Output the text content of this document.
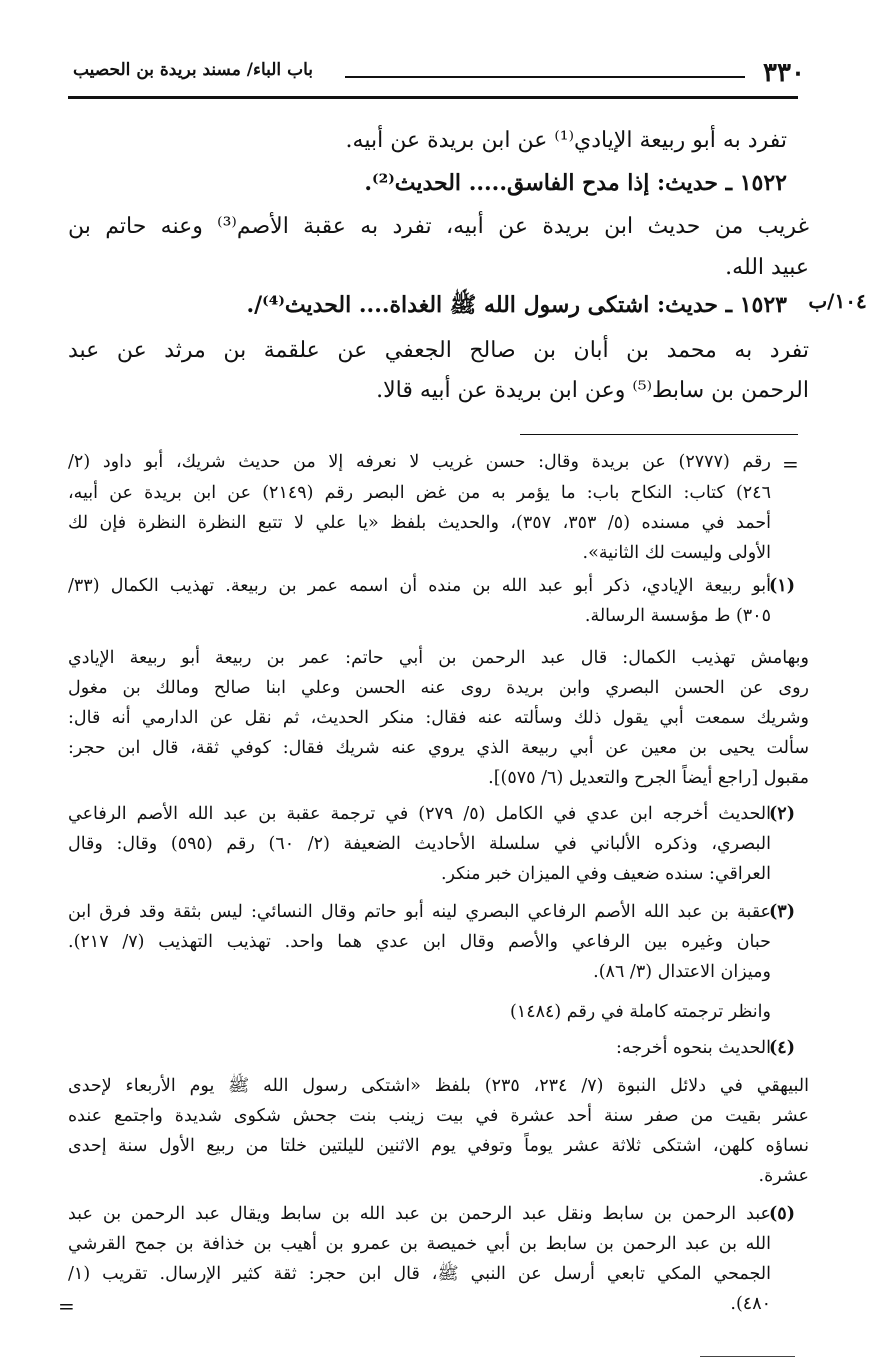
٣٣٠
باب الباء/ مسند بريدة بن الحصيب
تفرد به أبو ربيعة الإيادي⁽¹⁾ عن ابن بريدة عن أبيه.
١٥٢٢ ـ حديث: إذا مدح الفاسق..... الحديث⁽²⁾.
غريب من حديث ابن بريدة عن أبيه، تفرد به عقبة الأصم⁽³⁾ وعنه حاتم بن
عبيد الله.
١٠٤/ب
١٥٢٣ ـ حديث: اشتكى رسول الله ﷺ الغداة.... الحديث⁽⁴⁾/.
تفرد به محمد بن أبان بن صالح الجعفي عن علقمة بن مرثد عن عبد
الرحمن بن سابط⁽⁵⁾ وعن ابن بريدة عن أبيه قالا.
=
رقم (٢٧٧٧) عن بريدة وقال: حسن غريب لا نعرفه إلا من حديث شريك، أبو داود (٢/
٢٤٦) كتاب: النكاح باب: ما يؤمر به من غض البصر رقم (٢١٤٩) عن ابن بريدة عن أبيه،
أحمد في مسنده (٥/ ٣٥٣، ٣٥٧)، والحديث بلفظ «يا علي لا تتبع النظرة النظرة فإن لك
الأولى وليست لك الثانية».
(١)
أبو ربيعة الإيادي، ذكر أبو عبد الله بن منده أن اسمه عمر بن ربيعة. تهذيب الكمال (٣٣/
٣٠٥) ط مؤسسة الرسالة.
وبهامش تهذيب الكمال: قال عبد الرحمن بن أبي حاتم: عمر بن ربيعة أبو ربيعة الإيادي
روى عن الحسن البصري وابن بريدة روى عنه الحسن وعلي ابنا صالح ومالك بن مغول
وشريك سمعت أبي يقول ذلك وسألته عنه فقال: منكر الحديث، ثم نقل عن الدارمي أنه قال:
سألت يحيى بن معين عن أبي ربيعة الذي يروي عنه شريك فقال: كوفي ثقة، قال ابن حجر:
مقبول [راجع أيضاً الجرح والتعديل (٦/ ٥٧٥)].
(٢)
الحديث أخرجه ابن عدي في الكامل (٥/ ٢٧٩) في ترجمة عقبة بن عبد الله الأصم الرفاعي
البصري، وذكره الألباني في سلسلة الأحاديث الضعيفة (٢/ ٦٠) رقم (٥٩٥) وقال: وقال
العراقي: سنده ضعيف وفي الميزان خبر منكر.
(٣)
عقبة بن عبد الله الأصم الرفاعي البصري لينه أبو حاتم وقال النسائي: ليس بثقة وقد فرق ابن
حبان وغيره بين الرفاعي والأصم وقال ابن عدي هما واحد. تهذيب التهذيب (٧/ ٢١٧).
وميزان الاعتدال (٣/ ٨٦).
وانظر ترجمته كاملة في رقم (١٤٨٤)
(٤)
الحديث بنحوه أخرجه:
البيهقي في دلائل النبوة (٧/ ٢٣٤، ٢٣٥) بلفظ «اشتكى رسول الله ﷺ يوم الأربعاء لإحدى
عشر بقيت من صفر سنة أحد عشرة في بيت زينب بنت جحش شكوى شديدة واجتمع عنده
نساؤه كلهن، اشتكى ثلاثة عشر يوماً وتوفي يوم الاثنين لليلتين خلتا من ربيع الأول سنة إحدى
عشرة.
(٥)
عبد الرحمن بن سابط ونقل عبد الرحمن بن عبد الله بن سابط ويقال عبد الرحمن بن عبد
الله بن عبد الرحمن بن سابط بن أبي خميصة بن عمرو بن أهيب بن خذافة بن جمح القرشي
الجمحي المكي تابعي أرسل عن النبي ﷺ، قال ابن حجر: ثقة كثير الإرسال. تقريب (١/
٤٨٠).
=
